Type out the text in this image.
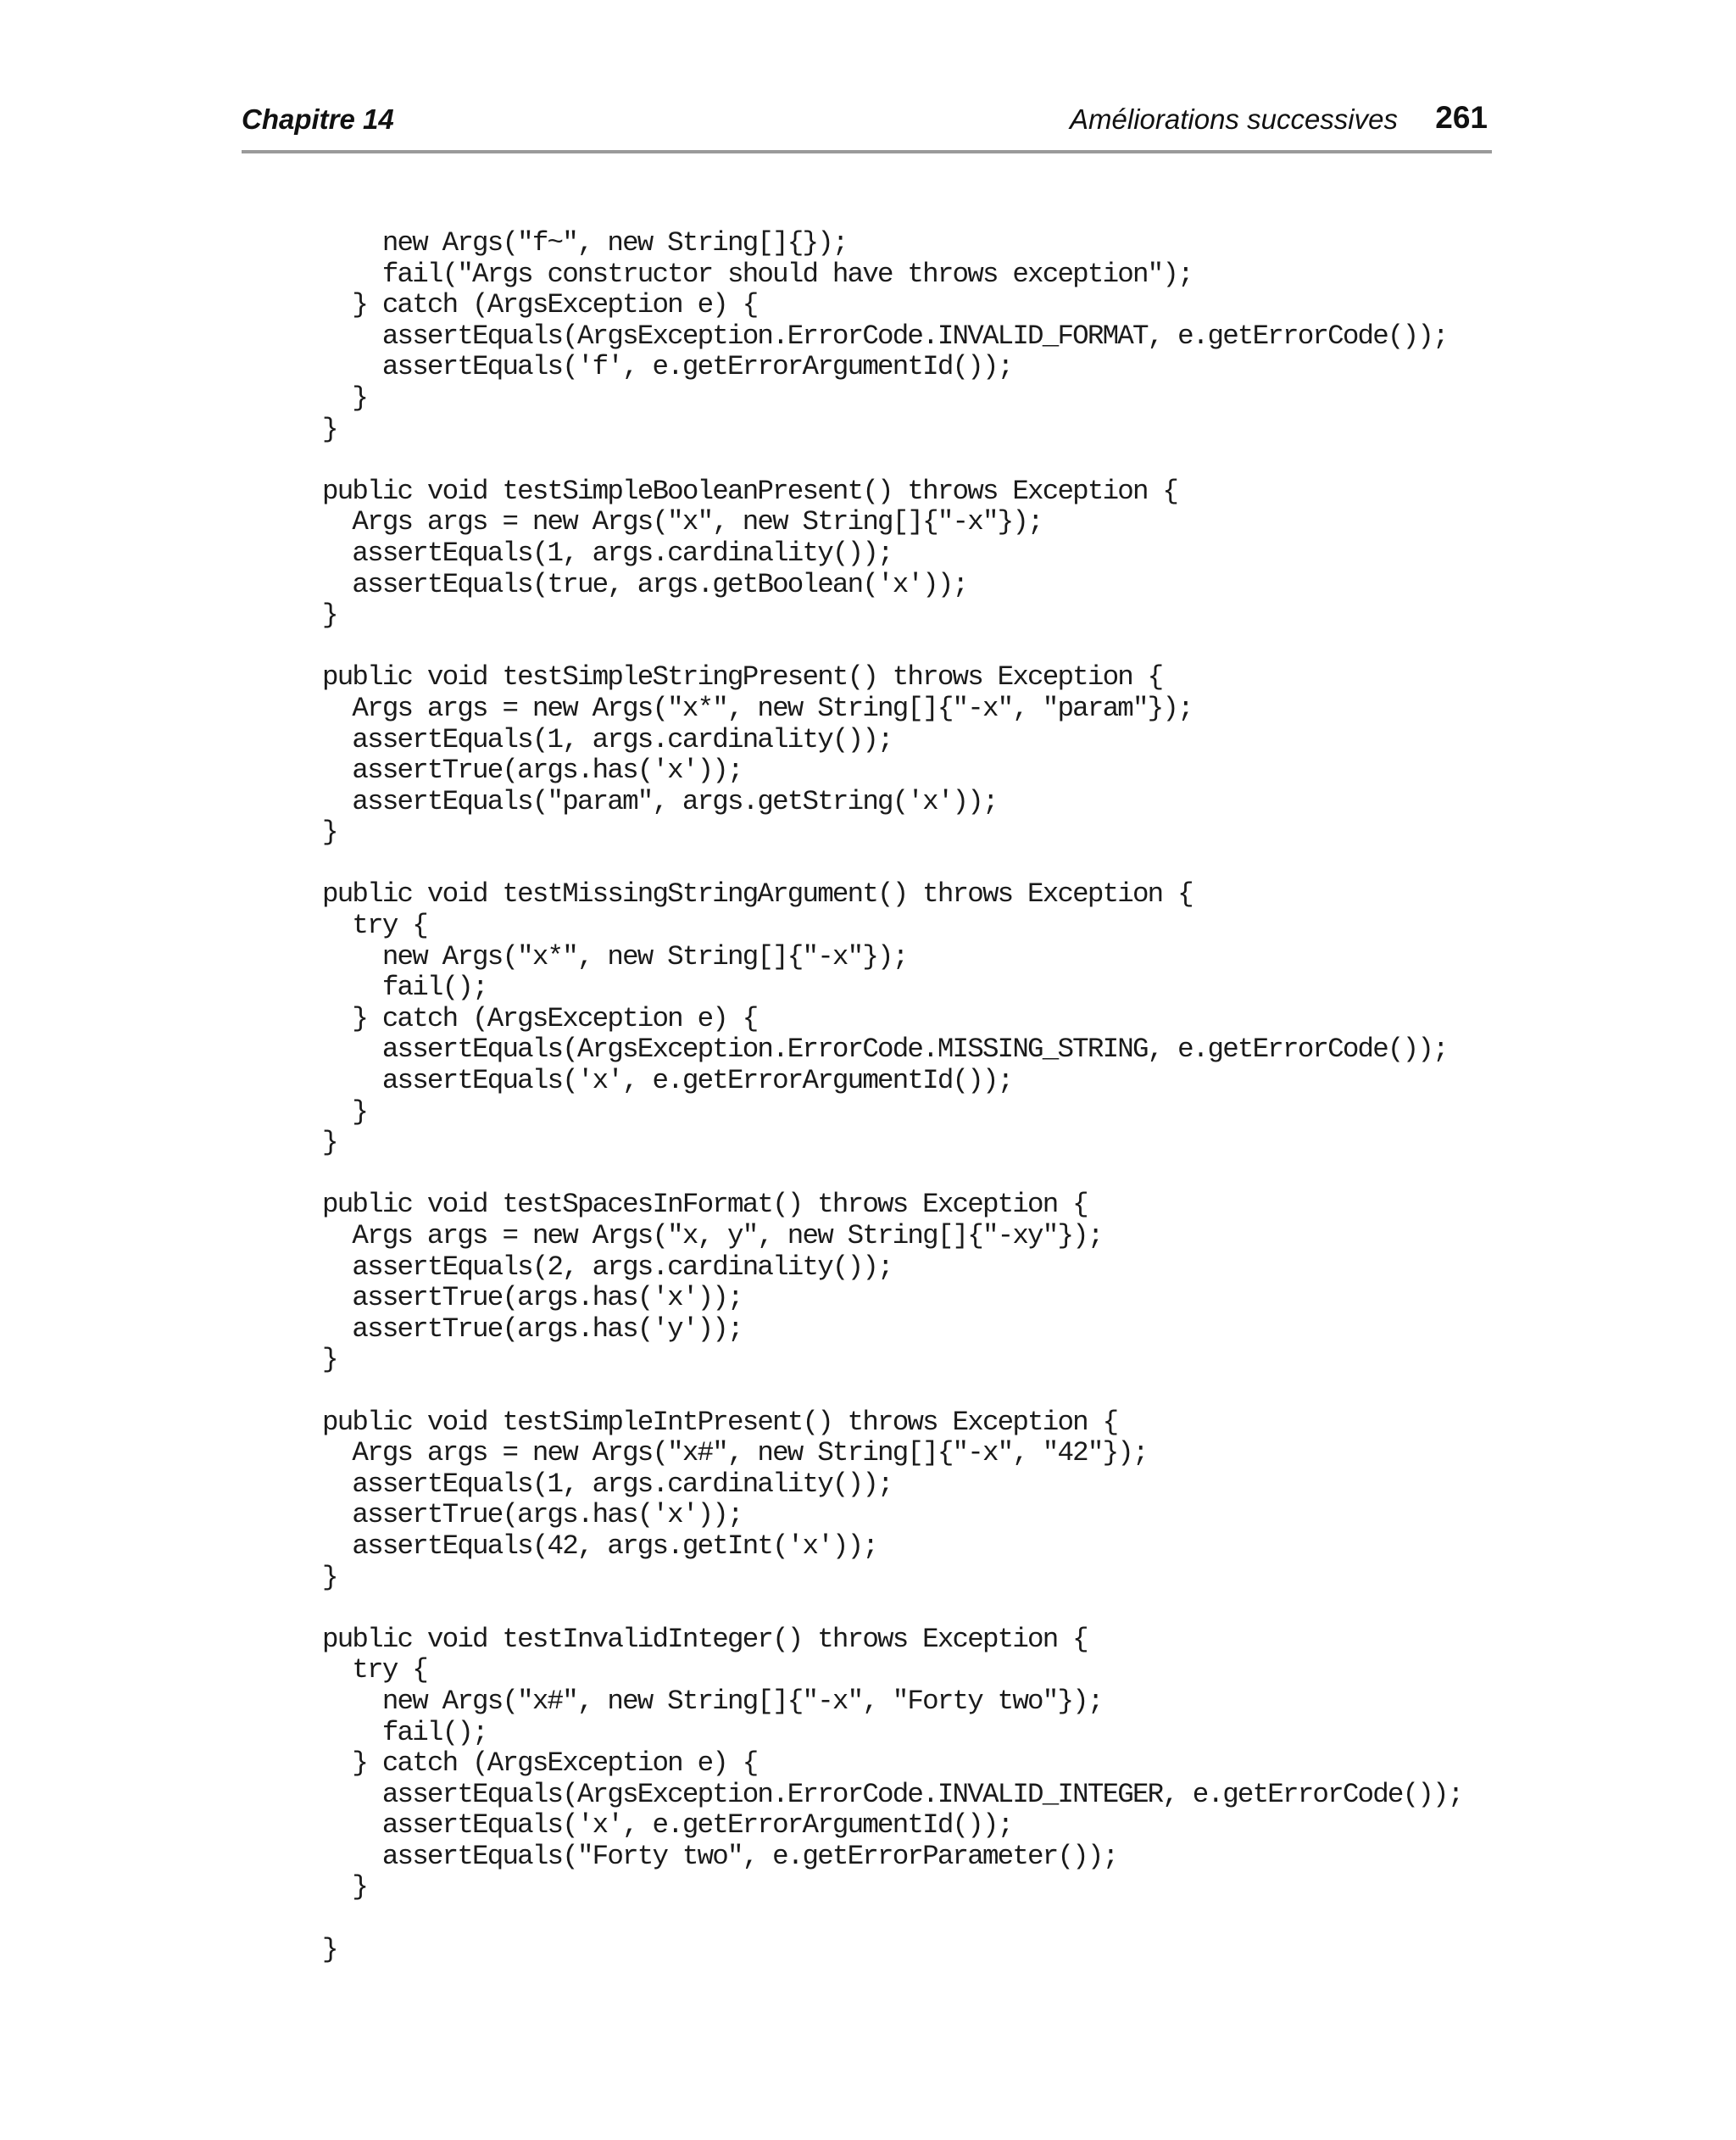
Chapitre 14	Améliorations successives 261
new Args("f~", new String[]{});
fail("Args constructor should have throws exception");
} catch (ArgsException e) {
assertEquals(ArgsException.ErrorCode.INVALID_FORMAT, e.getErrorCode());
assertEquals('f', e.getErrorArgumentId());
}
}
public void testSimpleBooleanPresent() throws Exception {
Args args = new Args("x", new String[]{"-x"});
assertEquals(1, args.cardinality());
assertEquals(true, args.getBoolean('x'));
}
public void testSimpleStringPresent() throws Exception {
Args args = new Args("x*", new String[]{"-x", "param"});
assertEquals(1, args.cardinality());
assertTrue(args.has('x'));
assertEquals("param", args.getString('x'));
}
public void testMissingStringArgument() throws Exception {
try {
new Args("x*", new String[]{"-x"});
fail();
} catch (ArgsException e) {
assertEquals(ArgsException.ErrorCode.MISSING_STRING, e.getErrorCode());
assertEquals('x', e.getErrorArgumentId());
}
}
public void testSpacesInFormat() throws Exception {
Args args = new Args("x, y", new String[]{"-xy"});
assertEquals(2, args.cardinality());
assertTrue(args.has('x'));
assertTrue(args.has('y'));
}
public void testSimpleIntPresent() throws Exception {
Args args = new Args("x#", new String[]{"-x", "42"});
assertEquals(1, args.cardinality());
assertTrue(args.has('x'));
assertEquals(42, args.getInt('x'));
}
public void testInvalidInteger() throws Exception {
try {
new Args("x#", new String[]{"-x", "Forty two"});
fail();
} catch (ArgsException e) {
assertEquals(ArgsException.ErrorCode.INVALID_INTEGER, e.getErrorCode());
assertEquals('x', e.getErrorArgumentId());
assertEquals("Forty two", e.getErrorParameter());
}
}
